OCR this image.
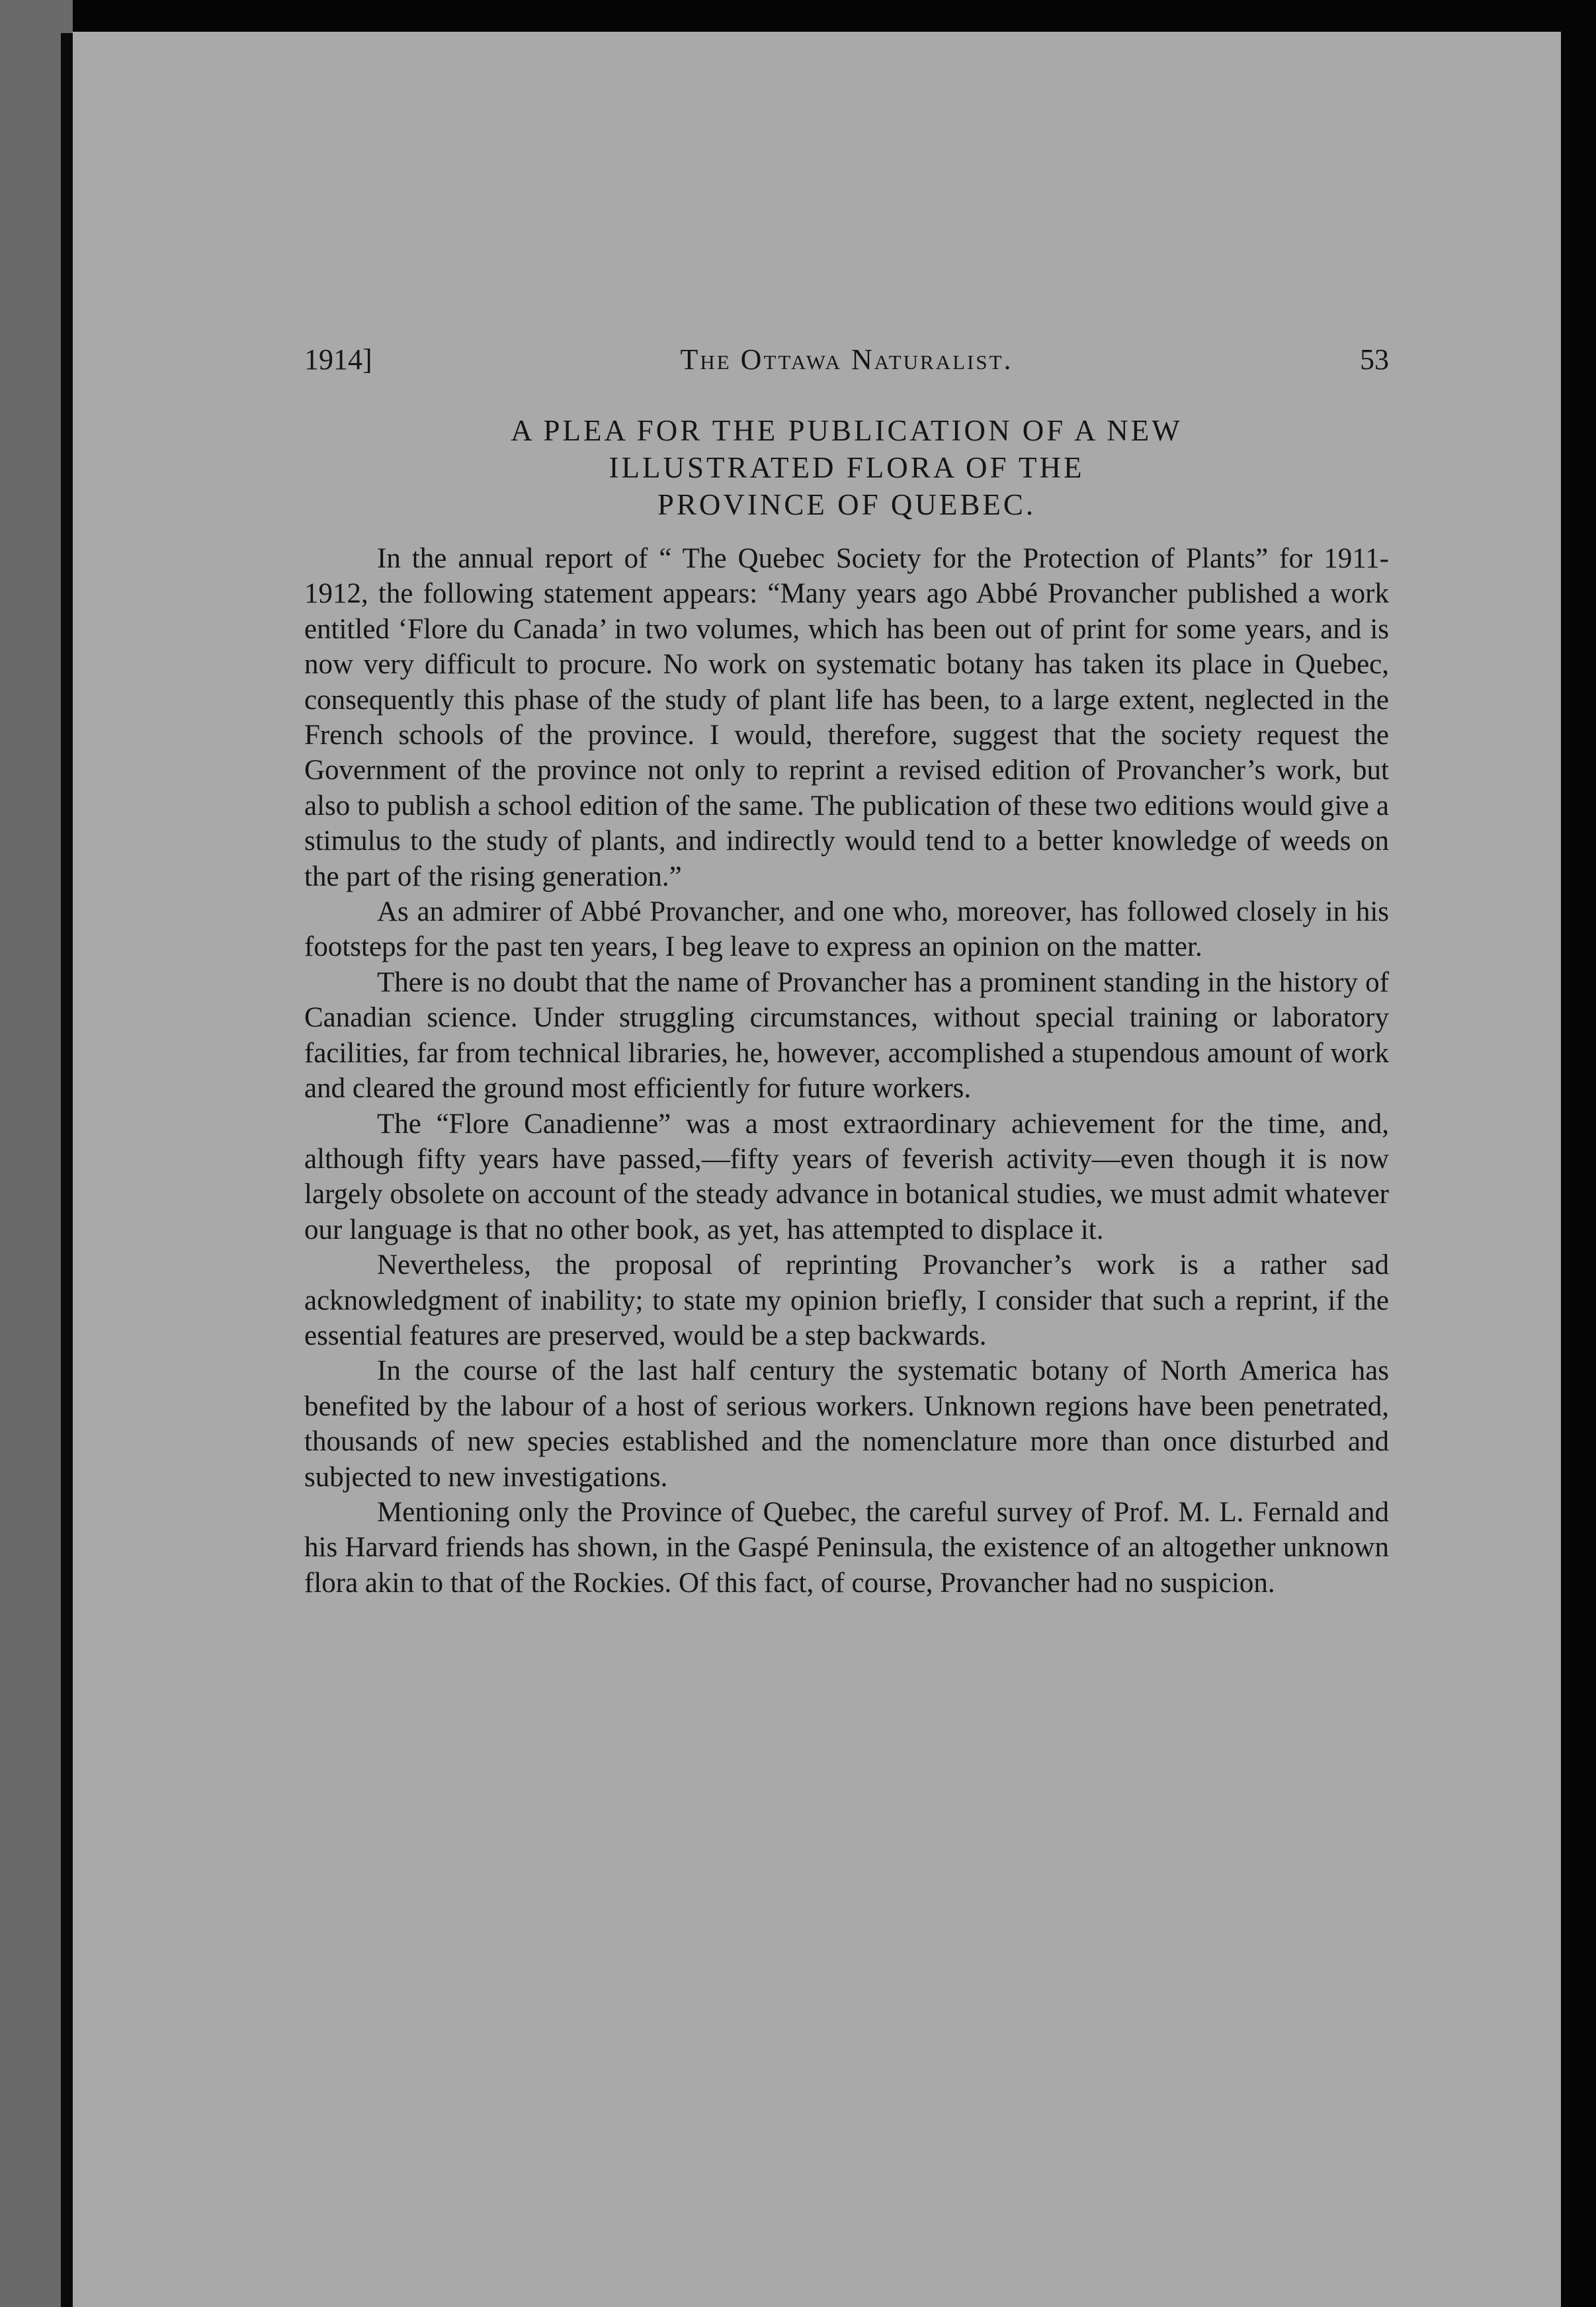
1914]	The Ottawa Naturalist.	53
A PLEA FOR THE PUBLICATION OF A NEW
ILLUSTRATED FLORA OF THE
PROVINCE OF QUEBEC.

In the annual report of “ The Quebec Society for the Protection of Plants” for 1911-1912, the following statement appears: “Many years ago Abbé Provancher published a work entitled ‘Flore du Canada’ in two volumes, which has been out of print for some years, and is now very difficult to procure. No work on systematic botany has taken its place in Quebec, consequently this phase of the study of plant life has been, to a large extent, neglected in the French schools of the province. I would, therefore, suggest that the society request the Government of the province not only to reprint a revised edition of Provancher’s work, but also to publish a school edition of the same. The publication of these two editions would give a stimulus to the study of plants, and indirectly would tend to a better knowledge of weeds on the part of the rising generation.”

As an admirer of Abbé Provancher, and one who, moreover, has followed closely in his footsteps for the past ten years, I beg leave to express an opinion on the matter.

There is no doubt that the name of Provancher has a prominent standing in the history of Canadian science. Under struggling circumstances, without special training or laboratory facilities, far from technical libraries, he, however, accomplished a stupendous amount of work and cleared the ground most efficiently for future workers.

The “Flore Canadienne” was a most extraordinary achievement for the time, and, although fifty years have passed,—fifty years of feverish activity—even though it is now largely obsolete on account of the steady advance in botanical studies, we must admit whatever our language is that no other book, as yet, has attempted to displace it.

Nevertheless, the proposal of reprinting Provancher’s work is a rather sad acknowledgment of inability; to state my opinion briefly, I consider that such a reprint, if the essential features are preserved, would be a step backwards.

In the course of the last half century the systematic botany of North America has benefited by the labour of a host of serious workers. Unknown regions have been penetrated, thousands of new species established and the nomenclature more than once disturbed and subjected to new investigations.

Mentioning only the Province of Quebec, the careful survey of Prof. M. L. Fernald and his Harvard friends has shown, in the Gaspé Peninsula, the existence of an altogether unknown flora akin to that of the Rockies. Of this fact, of course, Provancher had no suspicion.
